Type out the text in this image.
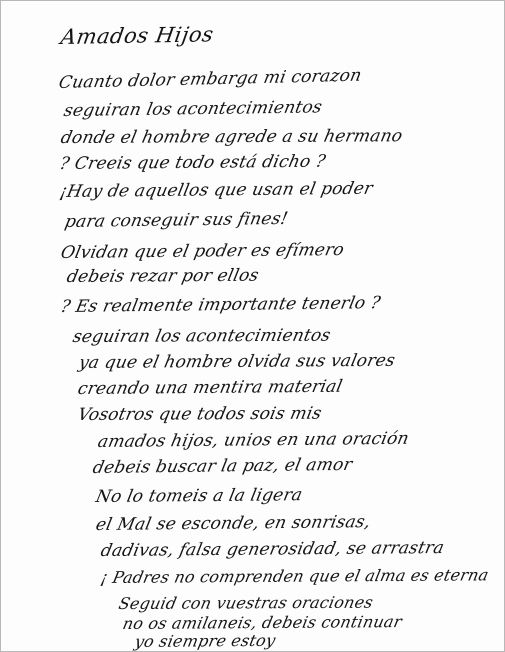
Amados Hijos
Cuanto dolor embarga mi corazon
seguiran los acontecimientos
donde el hombre agrede a su hermano
? Creeis que todo está dicho ?
¡Hay de aquellos que usan el poder
para conseguir sus fines!
Olvidan que el poder es efímero
debeis rezar por ellos
? Es realmente importante tenerlo ?
seguiran los acontecimientos
ya que el hombre olvida sus valores
creando una mentira material
Vosotros que todos sois mis
amados hijos, unios en una oración
debeis buscar la paz, el amor
No lo tomeis a la ligera
el Mal se esconde, en sonrisas,
dadivas, falsa generosidad, se arrastra
¡ Padres no comprenden que el alma es eterna
Seguid con vuestras oraciones
no os amilaneis, debeis continuar
yo siempre estoy
